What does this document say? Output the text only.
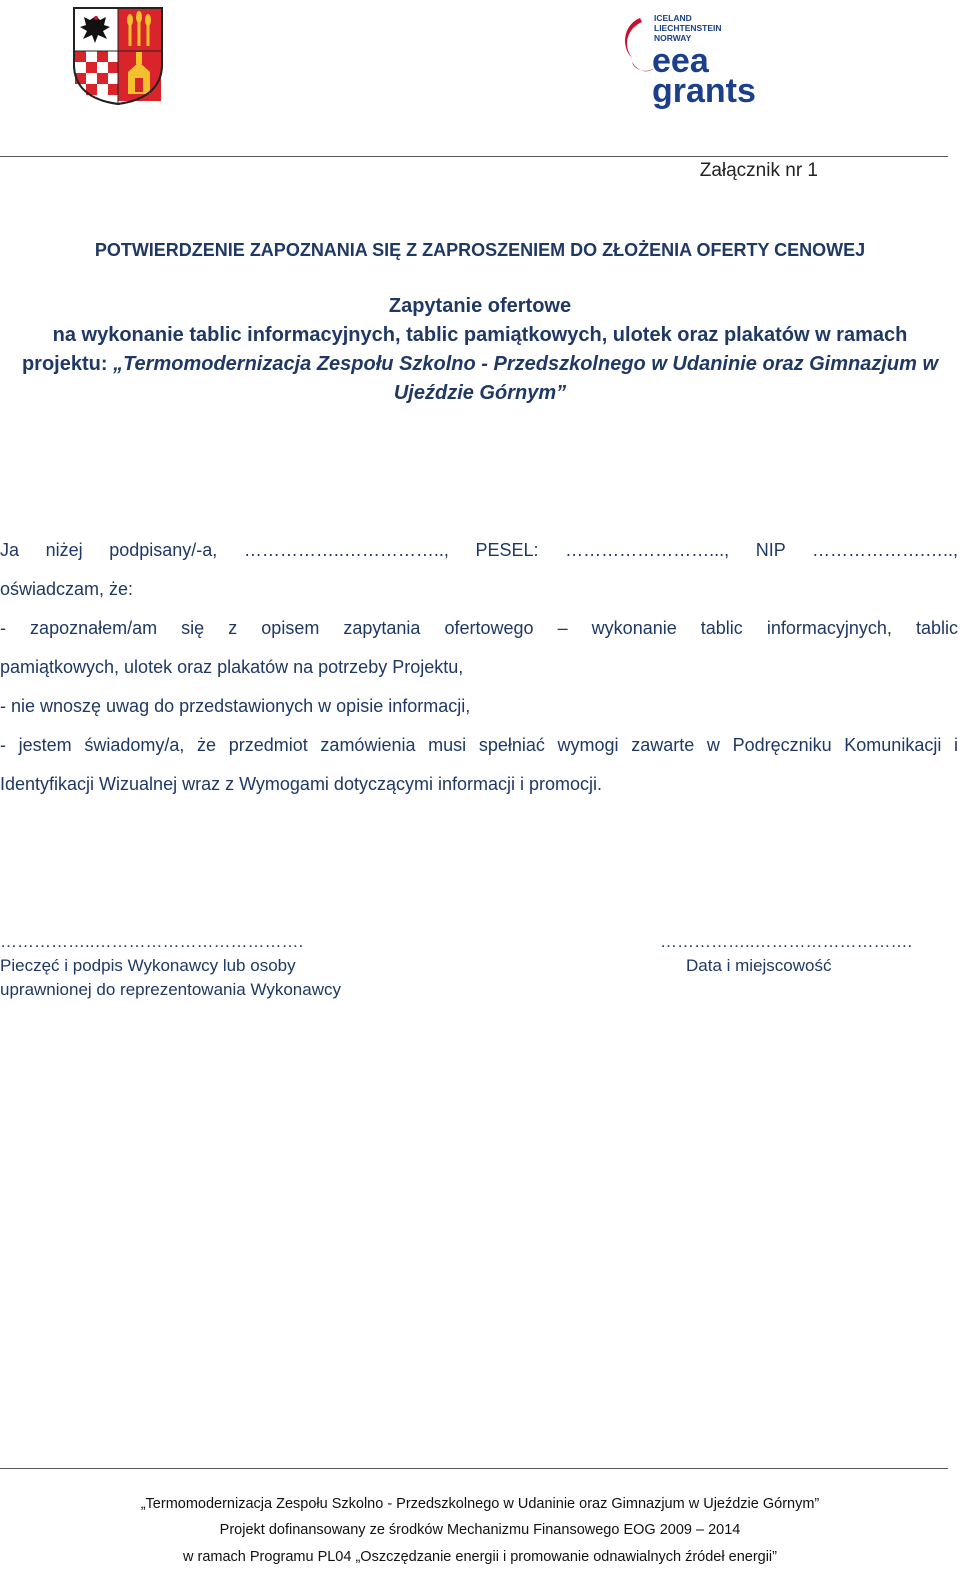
ICELAND
LIECHTENSTEIN
NORWAY
eea
grants
Załącznik nr 1
POTWIERDZENIE ZAPOZNANIA SIĘ Z ZAPROSZENIEM DO ZŁOŻENIA OFERTY CENOWEJ
Zapytanie ofertowe
na wykonanie tablic informacyjnych, tablic pamiątkowych, ulotek oraz plakatów w ramach
projektu: „Termomodernizacja Zespołu Szkolno - Przedszkolnego w Udaninie oraz Gimnazjum w
Ujeździe Górnym”
Ja niżej podpisany/-a, ……………..…………….., PESEL: ……………………..., NIP ……………….…..,
oświadczam, że:
- zapoznałem/am się z opisem zapytania ofertowego – wykonanie tablic informacyjnych, tablic
pamiątkowych, ulotek oraz plakatów na potrzeby Projektu,
- nie wnoszę uwag do przedstawionych w opisie informacji,
- jestem świadomy/a, że przedmiot zamówienia musi spełniać wymogi zawarte w Podręczniku Komunikacji i
Identyfikacji Wizualnej wraz z Wymogami dotyczącymi informacji i promocji.
……………..……………………………….
Pieczęć i podpis Wykonawcy lub osoby
uprawnionej do reprezentowania Wykonawcy
……………..……………………….
Data i miejscowość
„Termomodernizacja Zespołu Szkolno - Przedszkolnego w Udaninie oraz Gimnazjum w Ujeździe Górnym”
Projekt dofinansowany ze środków Mechanizmu Finansowego EOG 2009 – 2014
w ramach Programu PL04 „Oszczędzanie energii i promowanie odnawialnych źródeł energii”
